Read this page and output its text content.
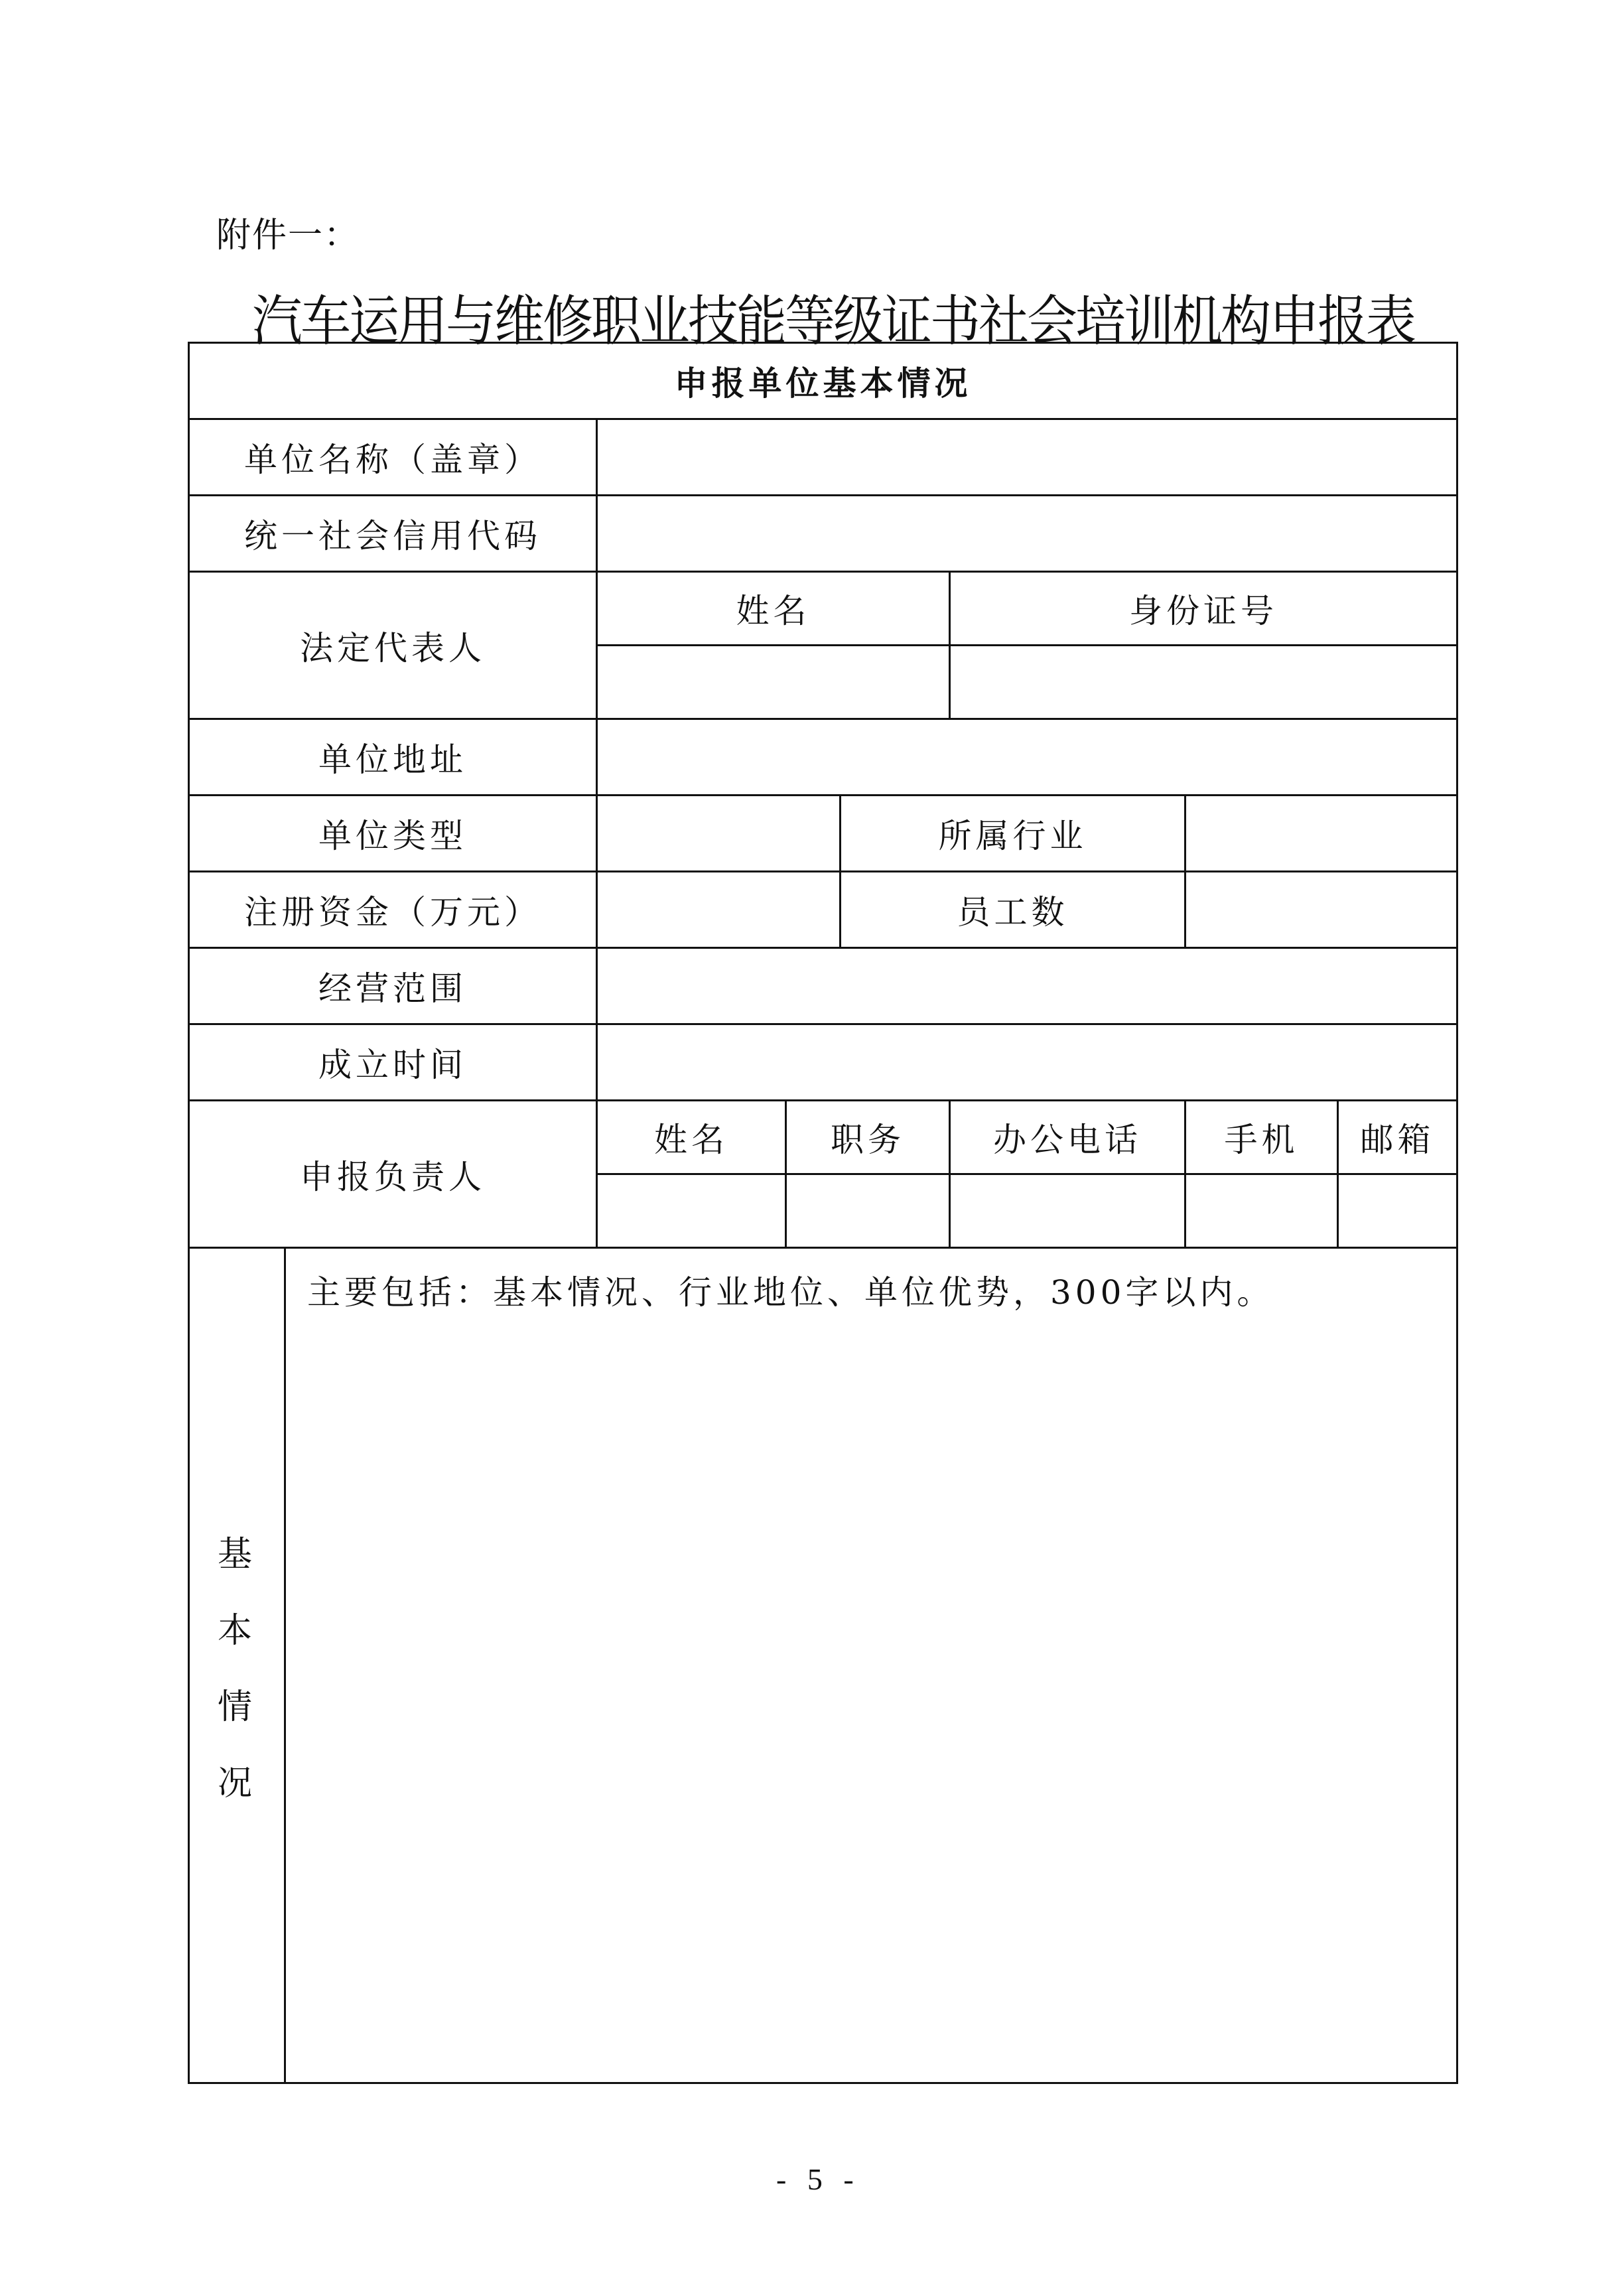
附件一：
汽车运用与维修职业技能等级证书社会培训机构申报表
申报单位基本情况							
单位名称（盖章）							

统一社会信用代码							

法定代表人		姓名			身份证号		

单位地址							

单位类型				所属行业			

注册资金（万元）				员工数			

经营范围							

成立时间							

申报负责人		姓名	职务		办公电话	手机	邮箱

基
本
情
况	主要包括：基本情况、行业地位、单位优势，300字以内。						
- 5 -
